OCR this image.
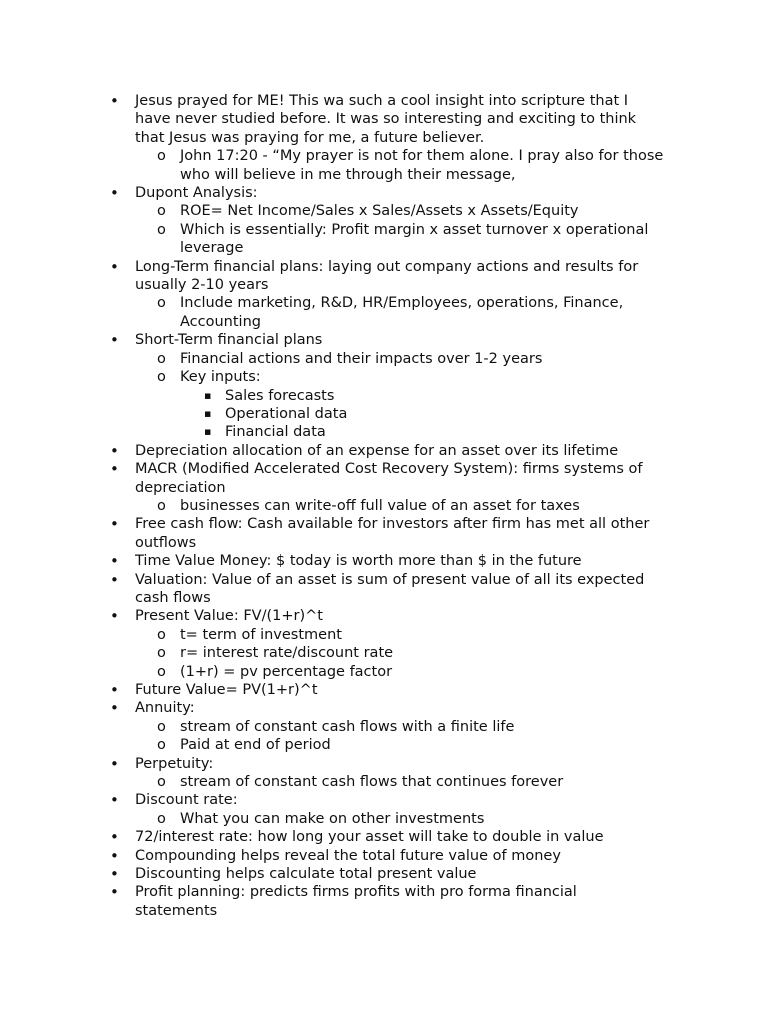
• Jesus prayed for ME! This wa such a cool insight into scripture that I have never studied before. It was so interesting and exciting to think that Jesus was praying for me, a future believer.
o John 17:20 - “My prayer is not for them alone. I pray also for those who will believe in me through their message,
• Dupont Analysis:
o ROE= Net Income/Sales x Sales/Assets x Assets/Equity
o Which is essentially: Profit margin x asset turnover x operational leverage
• Long-Term financial plans: laying out company actions and results for usually 2-10 years
o Include marketing, R&D, HR/Employees, operations, Finance, Accounting
• Short-Term financial plans
o Financial actions and their impacts over 1-2 years
o Key inputs:
▪ Sales forecasts
▪ Operational data
▪ Financial data
• Depreciation allocation of an expense for an asset over its lifetime
• MACR (Modified Accelerated Cost Recovery System): firms systems of depreciation
o businesses can write-off full value of an asset for taxes
• Free cash flow: Cash available for investors after firm has met all other outflows
• Time Value Money: $ today is worth more than $ in the future
• Valuation: Value of an asset is sum of present value of all its expected cash flows
• Present Value: FV/(1+r)^t
o t= term of investment
o r= interest rate/discount rate
o (1+r) = pv percentage factor
• Future Value= PV(1+r)^t
• Annuity:
o stream of constant cash flows with a finite life
o Paid at end of period
• Perpetuity:
o stream of constant cash flows that continues forever
• Discount rate:
o What you can make on other investments
• 72/interest rate: how long your asset will take to double in value
• Compounding helps reveal the total future value of money
• Discounting helps calculate total present value
• Profit planning: predicts firms profits with pro forma financial statements
